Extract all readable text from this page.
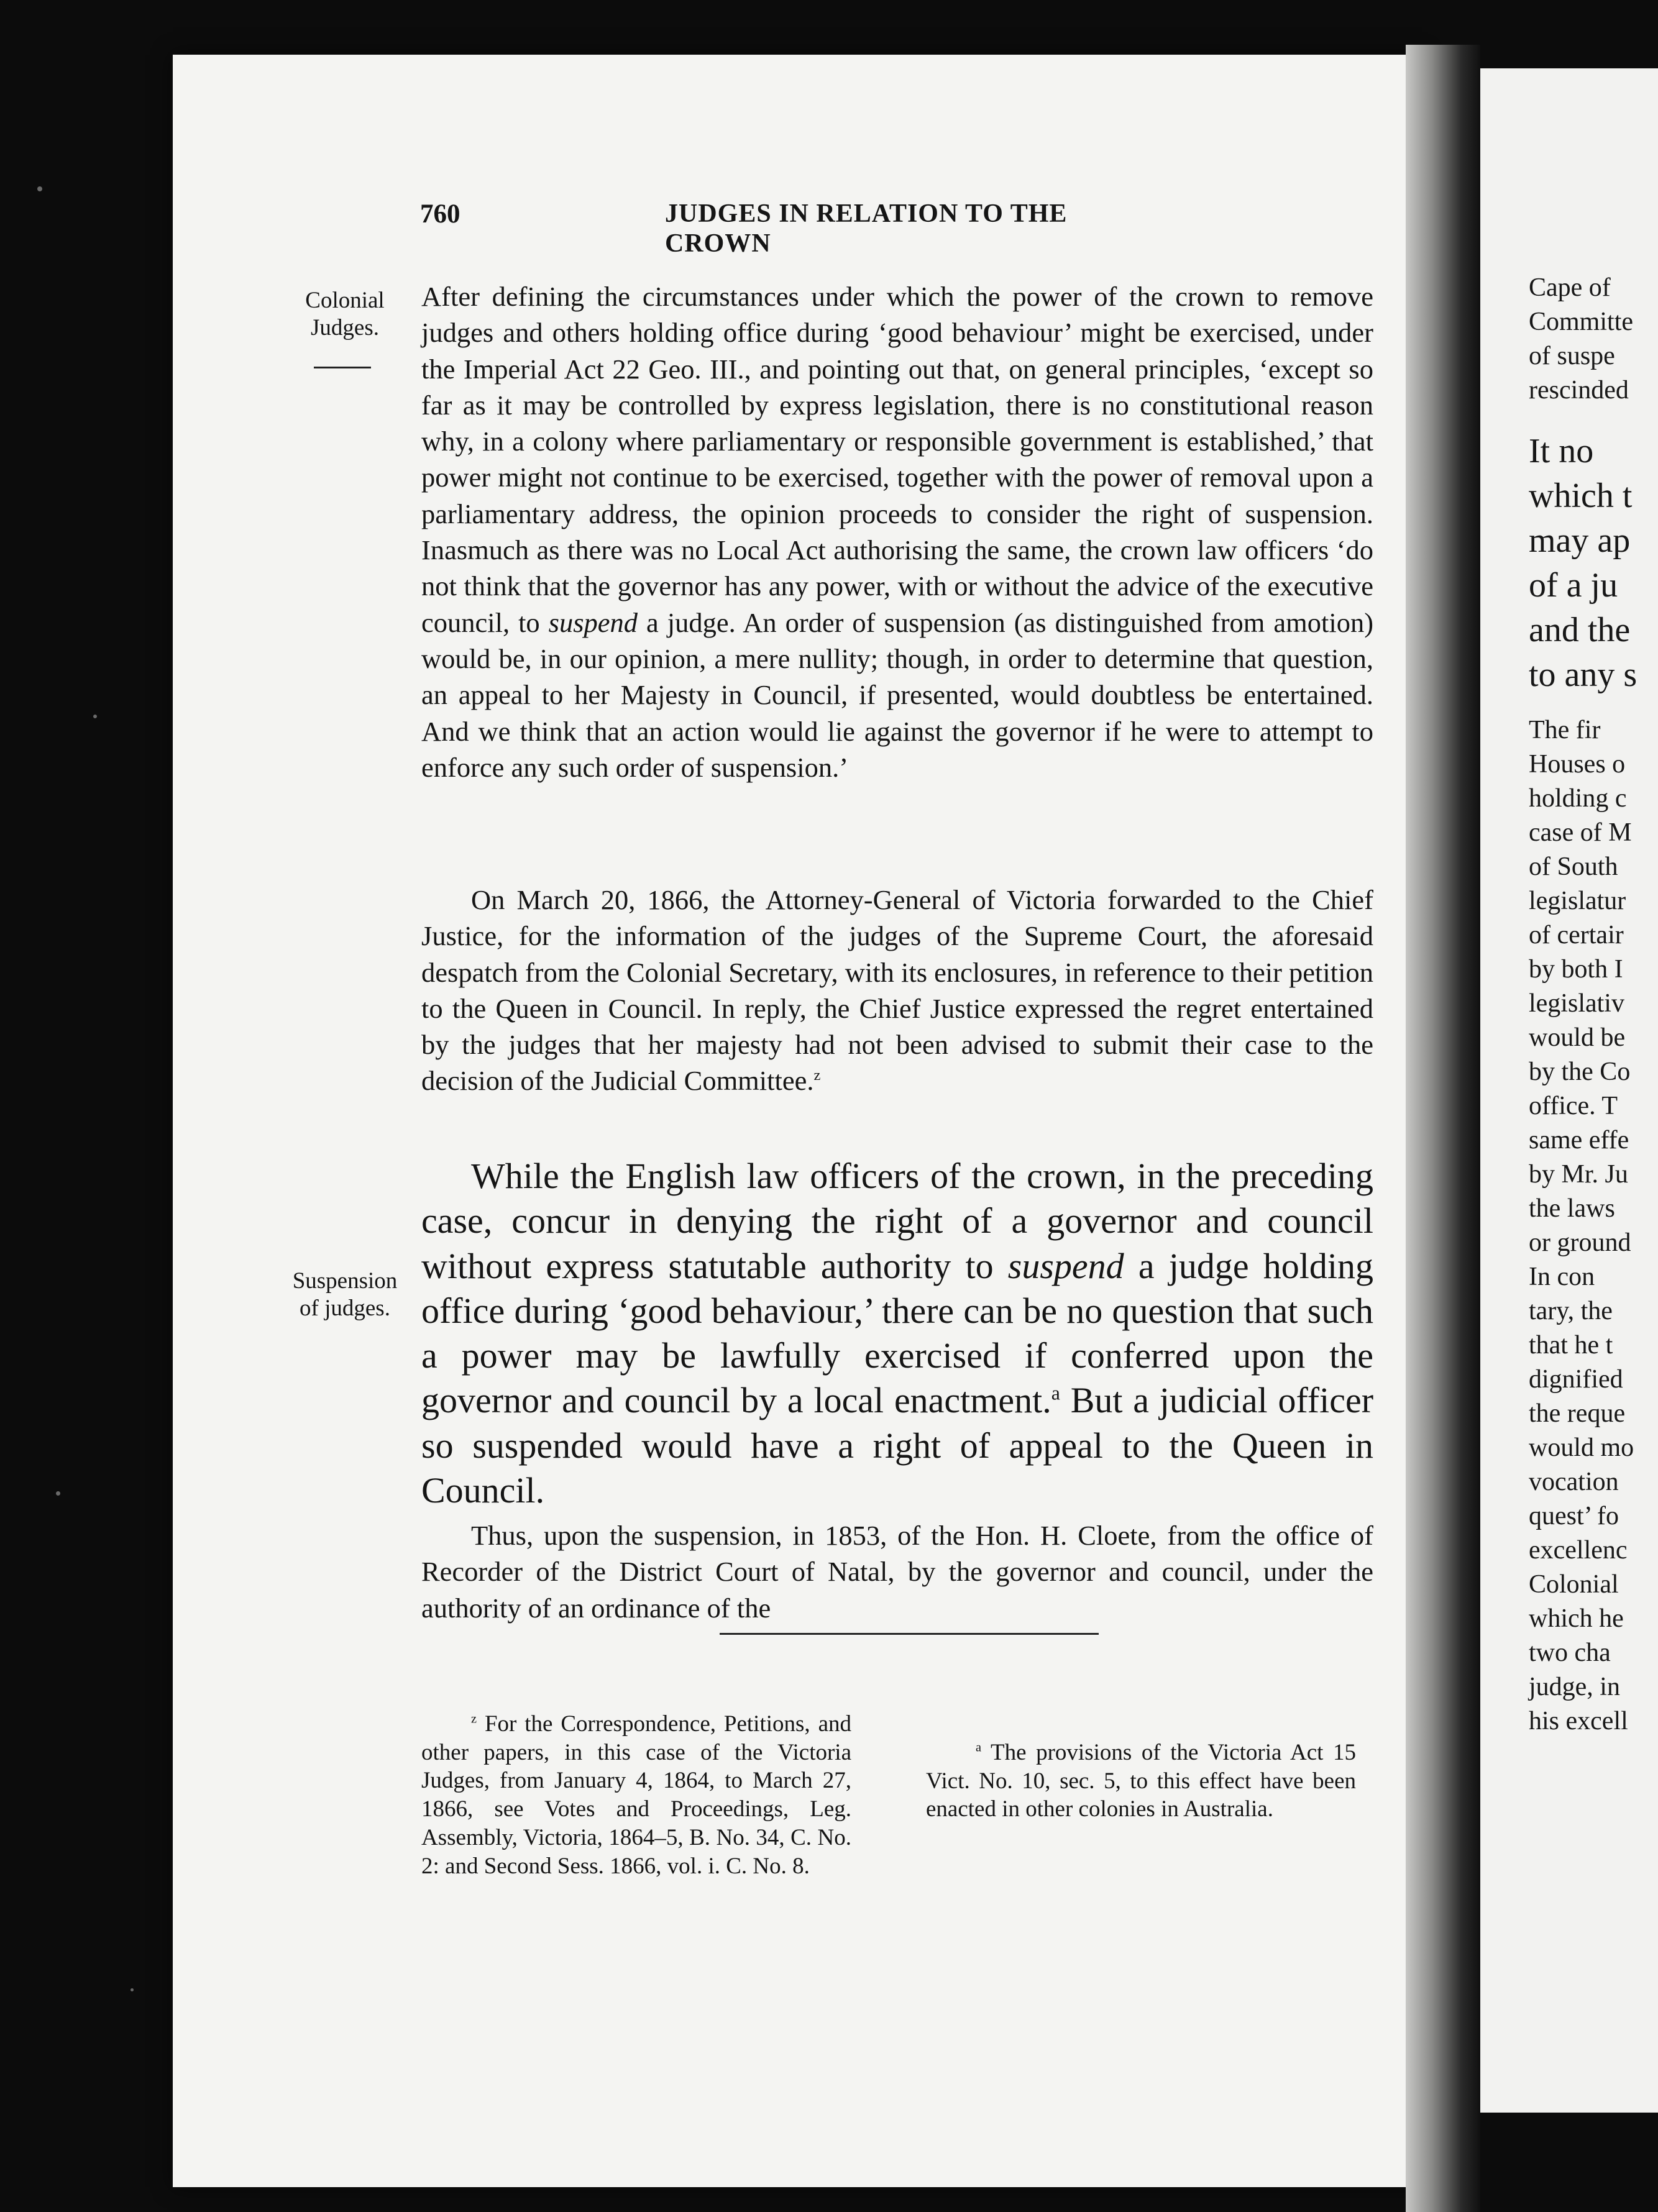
760	JUDGES IN RELATION TO THE CROWN
Colonial
Judges.
Suspension
of judges.

After defining the circumstances under which the power of the crown to remove judges and others holding office during ‘good behaviour’ might be exercised, under the Imperial Act 22 Geo. III., and pointing out that, on general principles, ‘except so far as it may be controlled by express legislation, there is no constitutional reason why, in a colony where parliamentary or responsible government is established,’ that power might not continue to be exercised, together with the power of removal upon a parliamentary address, the opinion proceeds to consider the right of suspension. Inasmuch as there was no Local Act authorising the same, the crown law officers ‘do not think that the governor has any power, with or without the advice of the executive council, to suspend a judge. An order of suspension (as distinguished from amotion) would be, in our opinion, a mere nullity; though, in order to determine that question, an appeal to her Majesty in Council, if presented, would doubtless be entertained. And we think that an action would lie against the governor if he were to attempt to enforce any such order of suspension.’

On March 20, 1866, the Attorney-General of Victoria forwarded to the Chief Justice, for the information of the judges of the Supreme Court, the aforesaid despatch from the Colonial Secretary, with its enclosures, in reference to their petition to the Queen in Council. In reply, the Chief Justice expressed the regret entertained by the judges that her majesty had not been advised to submit their case to the decision of the Judicial Committee.$^z$

While the English law officers of the crown, in the preceding case, concur in denying the right of a governor and council without express statutable authority to suspend a judge holding office during ‘good behaviour,’ there can be no question that such a power may be lawfully exercised if conferred upon the governor and council by a local enactment.$^a$ But a judicial officer so suspended would have a right of appeal to the Queen in Council.

Thus, upon the suspension, in 1853, of the Hon. H. Cloete, from the office of Recorder of the District Court of Natal, by the governor and council, under the authority of an ordinance of the

$^z$ For the Correspondence, Petitions, and other papers, in this case of the Victoria Judges, from January 4, 1864, to March 27, 1866, see Votes and Proceedings, Leg. Assembly, Victoria, 1864–5, B. No. 34, C. No. 2: and Second Sess. 1866, vol. i. C. No. 8.

$^a$ The provisions of the Victoria Act 15 Vict. No. 10, sec. 5, to this effect have been enacted in other colonies in Australia.

Cape of
Committe
of suspe
rescinded
It no
which t
may ap
of a ju
and the
to any s
The fir
Houses o
holding c
case of M
of South
legislatur
of certair
by both I
legislativ
would be
by the Co
office. T
same effe
by Mr. Ju
the laws
or ground
In con
tary, the
that he t
dignified
the reque
would mo
vocation
quest’ fo
excellenc
Colonial
which he
two cha
judge, in
his excell
